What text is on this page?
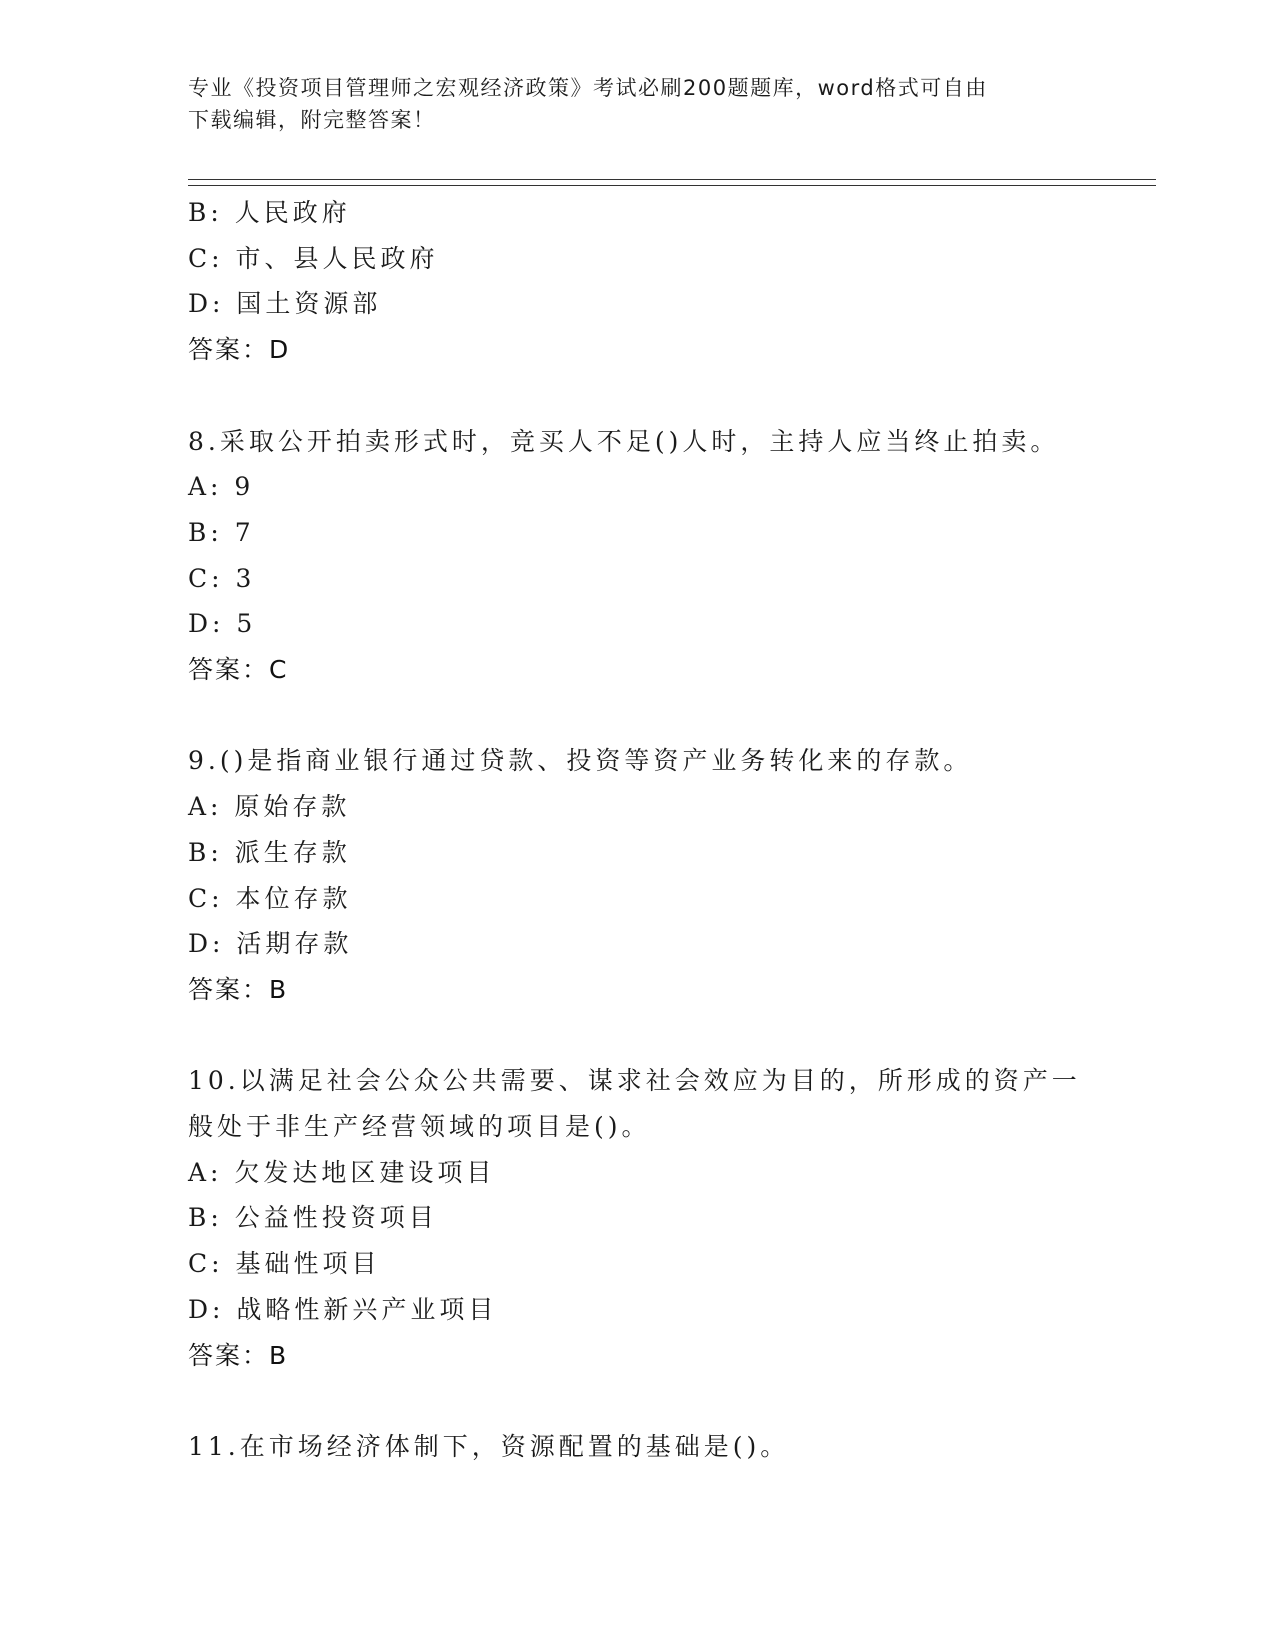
专业《投资项目管理师之宏观经济政策》考试必刷200题题库，word格式可自由
下载编辑，附完整答案！
B: 人民政府
C: 市、县人民政府
D: 国土资源部
答案：D
8.采取公开拍卖形式时，竞买人不足()人时，主持人应当终止拍卖。
A: 9
B: 7
C: 3
D: 5
答案：C
9.()是指商业银行通过贷款、投资等资产业务转化来的存款。
A: 原始存款
B: 派生存款
C: 本位存款
D: 活期存款
答案：B
10.以满足社会公众公共需要、谋求社会效应为目的，所形成的资产一
般处于非生产经营领域的项目是()。
A: 欠发达地区建设项目
B: 公益性投资项目
C: 基础性项目
D: 战略性新兴产业项目
答案：B
11.在市场经济体制下，资源配置的基础是()。
